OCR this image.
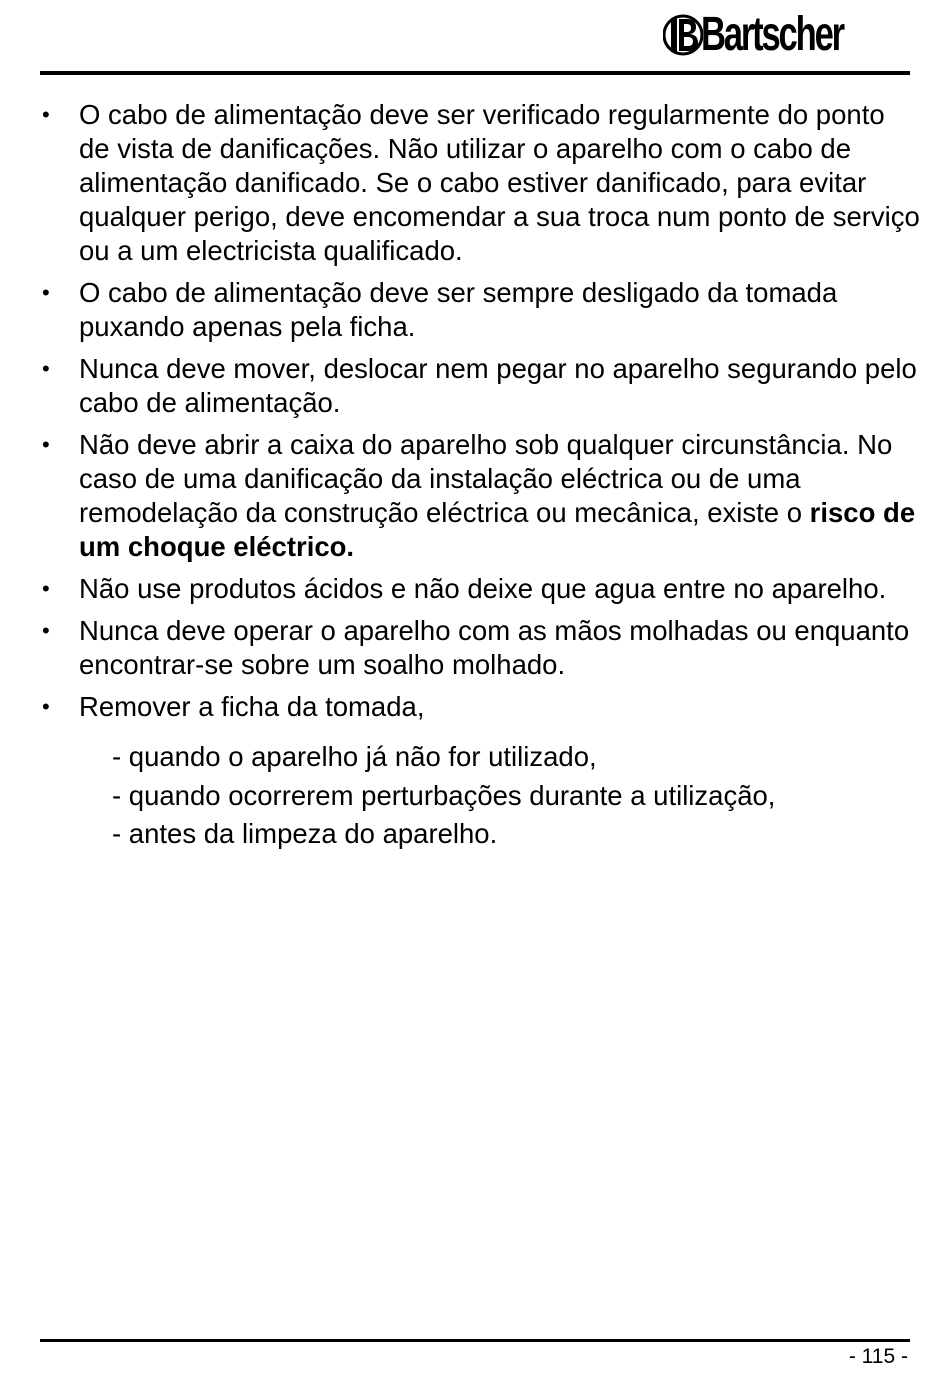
Bartscher
• O cabo de alimentação deve ser verificado regularmente do ponto de vista de danificações. Não utilizar o aparelho com o cabo de alimentação danificado. Se o cabo estiver danificado, para evitar qualquer perigo, deve encomendar a sua troca num ponto de serviço ou a um electricista qualificado.
• O cabo de alimentação deve ser sempre desligado da tomada puxando apenas pela ficha.
• Nunca deve mover, deslocar nem pegar no aparelho segurando pelo cabo de alimentação.
• Não deve abrir a caixa do aparelho sob qualquer circunstância. No caso de uma danificação da instalação eléctrica ou de uma remodelação da construção eléctrica ou mecânica, existe o risco de um choque eléctrico.
• Não use produtos ácidos e não deixe que agua entre no aparelho.
• Nunca deve operar o aparelho com as mãos molhadas ou enquanto encontrar-se sobre um soalho molhado.
• Remover a ficha da tomada,
- quando o aparelho já não for utilizado,
- quando ocorrerem perturbações durante a utilização,
- antes da limpeza do aparelho.
- 115 -
